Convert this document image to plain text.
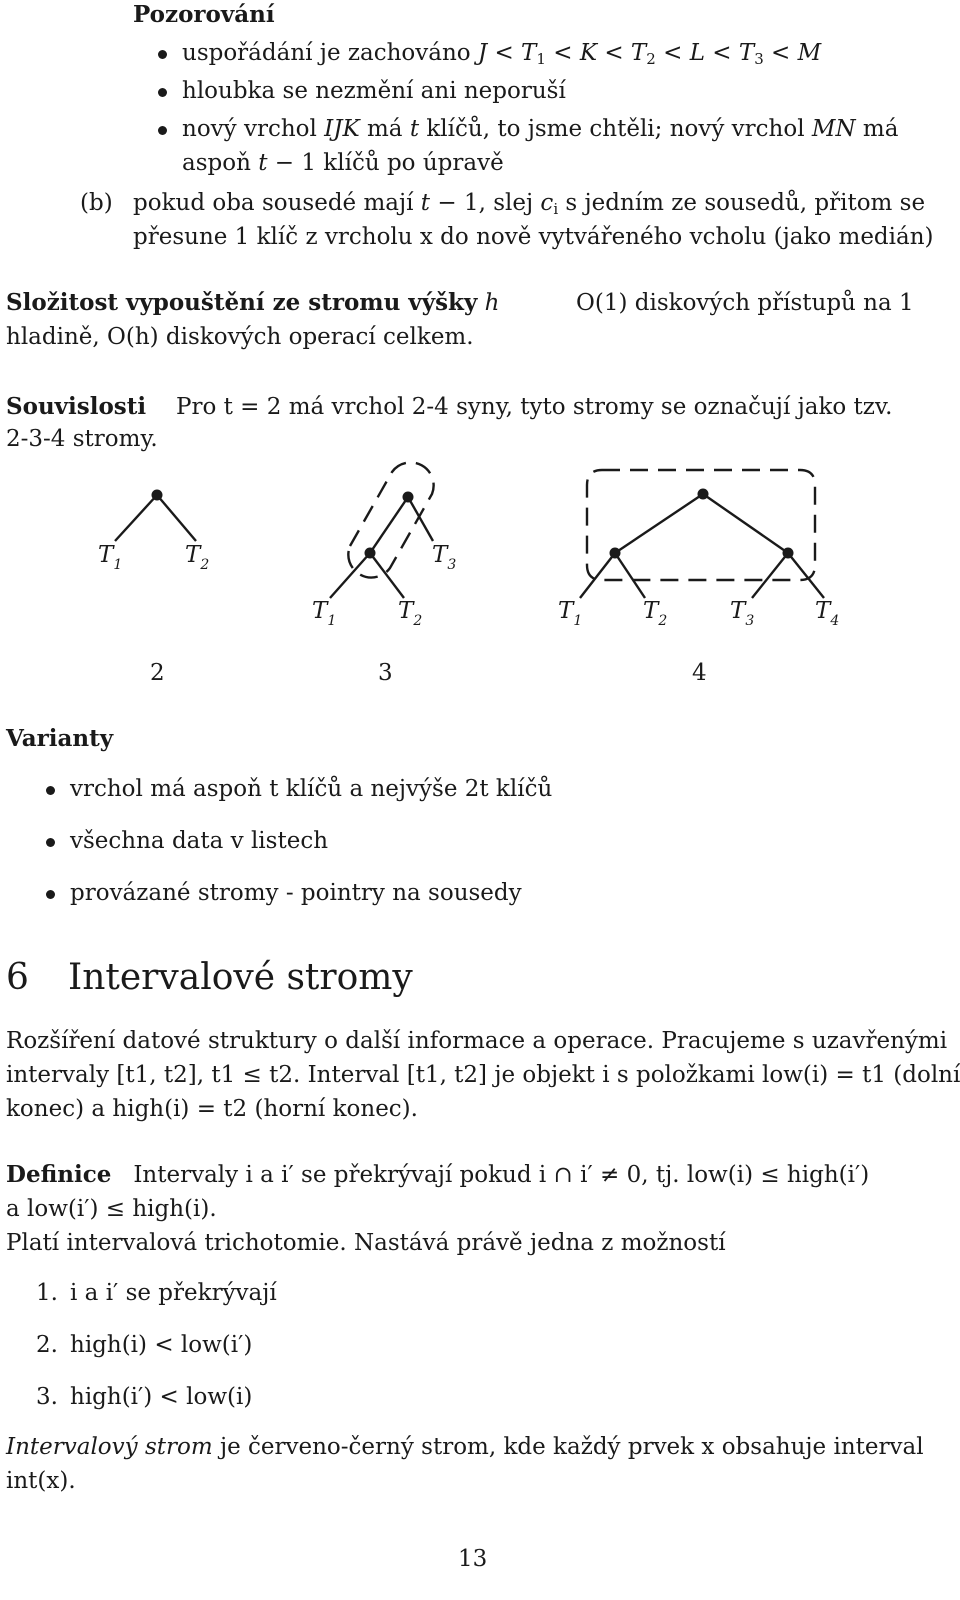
Pozorování
uspořádání je zachováno $J < T_1 < K < T_2 < L < T_3 < M$
hloubka se nezmění ani neporuší
nový vrchol IJK má t klíčů, to jsme chtěli; nový vrchol MN má
aspoň t − 1 klíčů po úpravě
(b) pokud oba sousedé mají t − 1, slej $c_i$ s jedním ze sousedů, přitom se
přesune 1 klíč z vrcholu x do nově vytvářeného vcholu (jako medián)
Složitost vypouštění ze stromu výšky h	O(1) diskových přístupů na 1
hladině, O(h) diskových operací celkem.
Souvislosti Pro t = 2 má vrchol 2-4 syny, tyto stromy se označují jako tzv.
2-3-4 stromy.
$T_1$	$T_2$	$T_3$
$T_1$	$T_2$	$T_1$	$T_2$	$T_3$	$T_4$
2	3	4
Varianty
vrchol má aspoň t klíčů a nejvýše 2t klíčů
všechna data v listech
provázané stromy - pointry na sousedy
6 Intervalové stromy
Rozšíření datové struktury o další informace a operace. Pracujeme s uzavřenými
intervaly [t1, t2], t1 ≤ t2. Interval [t1, t2] je objekt i s položkami low(i) = t1 (dolní
konec) a high(i) = t2 (horní konec).
Definice Intervaly i a i′ se překrývají pokud i ∩ i′ ≠ 0, tj. low(i) ≤ high(i′)
a low(i′) ≤ high(i).
Platí intervalová trichotomie. Nastává právě jedna z možností
1. i a i′ se překrývají
2. high(i) < low(i′)
3. high(i′) < low(i)
Intervalový strom je červeno-černý strom, kde každý prvek x obsahuje interval
int(x).
13
